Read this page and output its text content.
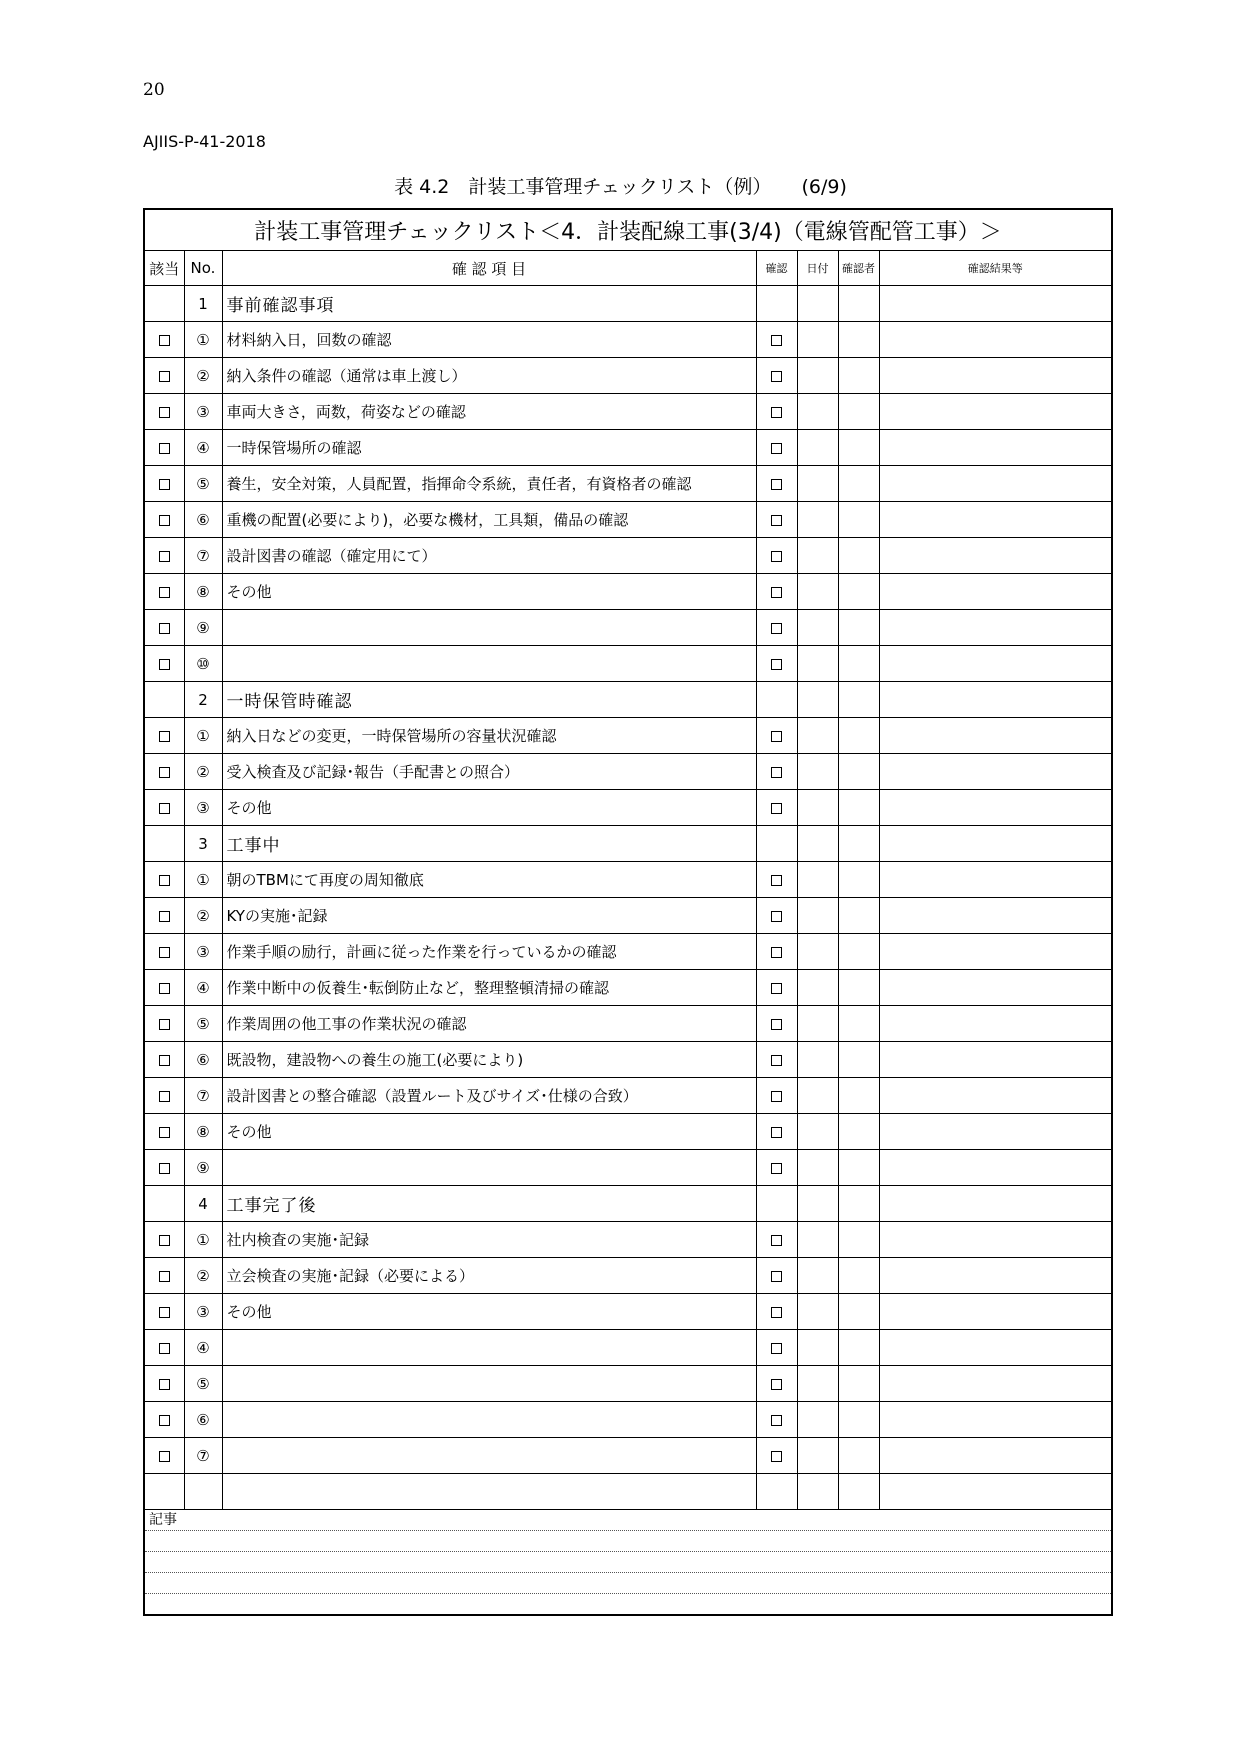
20
AJIIS-P-41-2018
表 4.2　計装工事管理チェックリスト（例） (6/9)
計装工事管理チェックリスト＜4．計装配線工事(3/4)（電線管配管工事）＞						
該当	No.	確 認 項 目	確認	日付	確認者	確認結果等
	1	事前確認事項				
	①	材料納入日，回数の確認				
	②	納入条件の確認（通常は車上渡し）				
	③	車両大きさ，両数，荷姿などの確認				
	④	一時保管場所の確認				
	⑤	養生，安全対策，人員配置，指揮命令系統，責任者，有資格者の確認				
	⑥	重機の配置(必要により)，必要な機材，工具類，備品の確認				
	⑦	設計図書の確認（確定用にて）				
	⑧	その他				
	⑨					
	⑩					
	2	一時保管時確認				
	①	納入日などの変更，一時保管場所の容量状況確認				
	②	受入検査及び記録･報告（手配書との照合）				
	③	その他				
	3	工事中				
	①	朝のTBMにて再度の周知徹底				
	②	KYの実施･記録				
	③	作業手順の励行，計画に従った作業を行っているかの確認				
	④	作業中断中の仮養生･転倒防止など，整理整頓清掃の確認				
	⑤	作業周囲の他工事の作業状況の確認				
	⑥	既設物，建設物への養生の施工(必要により)				
	⑦	設計図書との整合確認（設置ルート及びサイズ･仕様の合致）				
	⑧	その他				
	⑨					
	4	工事完了後				
	①	社内検査の実施･記録				
	②	立会検査の実施･記録（必要による）				
	③	その他				
	④					
	⑤					
	⑥					
	⑦					

記事						
